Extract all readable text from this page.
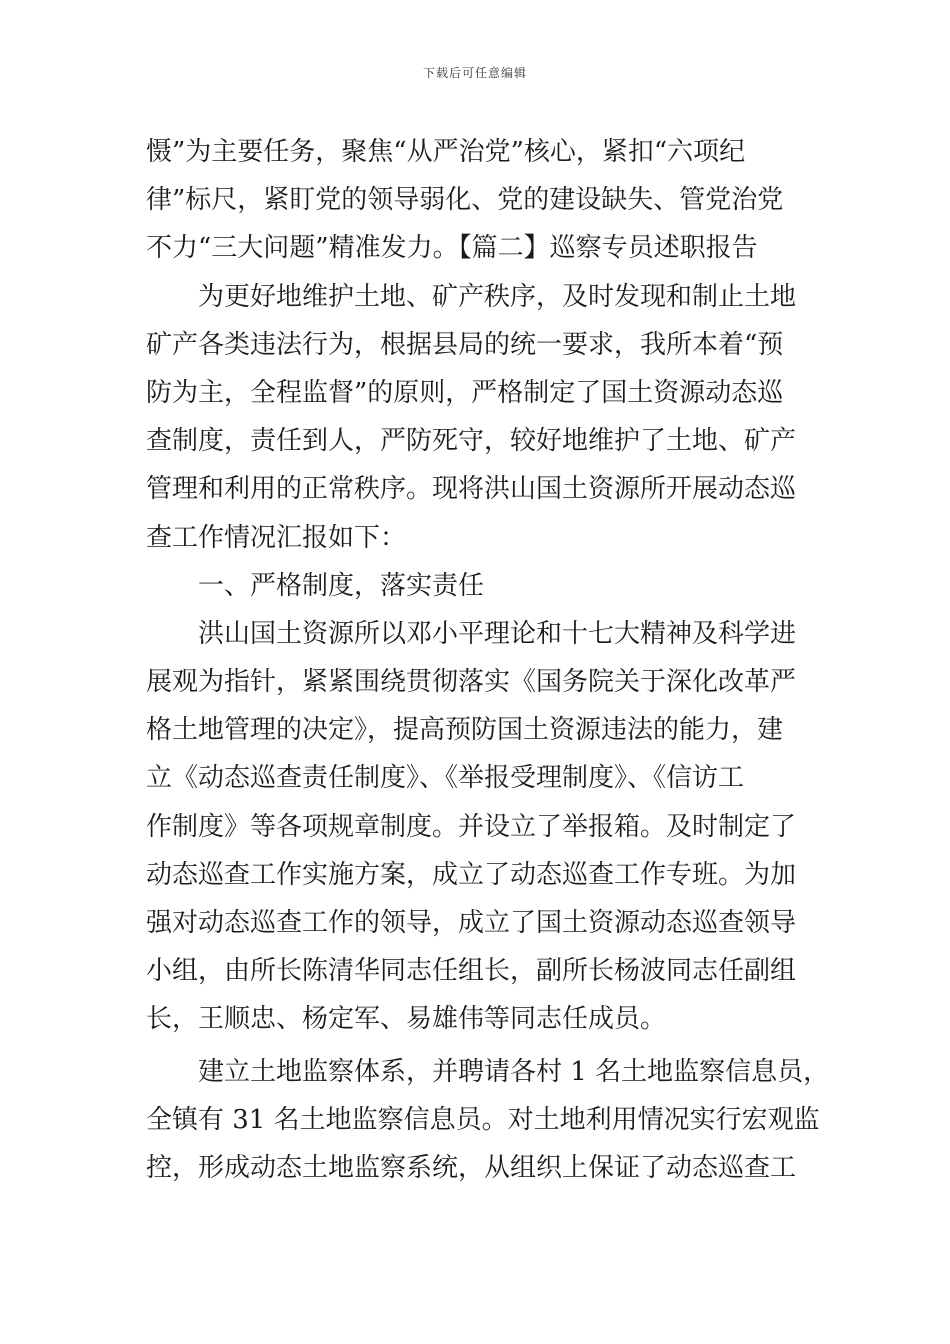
下载后可任意编辑
慑”为主要任务，聚焦“从严治党”核心，紧扣“六项纪
律”标尺，紧盯党的领导弱化、党的建设缺失、管党治党
不力“三大问题”精准发力。【篇二】巡察专员述职报告
为更好地维护土地、矿产秩序，及时发现和制止土地
矿产各类违法行为，根据县局的统一要求，我所本着“预
防为主，全程监督”的原则，严格制定了国土资源动态巡
查制度，责任到人，严防死守，较好地维护了土地、矿产
管理和利用的正常秩序。现将洪山国土资源所开展动态巡
查工作情况汇报如下：
一、严格制度，落实责任
洪山国土资源所以邓小平理论和十七大精神及科学进
展观为指针，紧紧围绕贯彻落实《国务院关于深化改革严
格土地管理的决定》，提高预防国土资源违法的能力，建
立《动态巡查责任制度》、《举报受理制度》、《信访工
作制度》等各项规章制度。并设立了举报箱。及时制定了
动态巡查工作实施方案，成立了动态巡查工作专班。为加
强对动态巡查工作的领导，成立了国土资源动态巡查领导
小组，由所长陈清华同志任组长，副所长杨波同志任副组
长，王顺忠、杨定军、易雄伟等同志任成员。
建立土地监察体系，并聘请各村 1 名土地监察信息员，
全镇有 31 名土地监察信息员。对土地利用情况实行宏观监
控，形成动态土地监察系统，从组织上保证了动态巡查工
